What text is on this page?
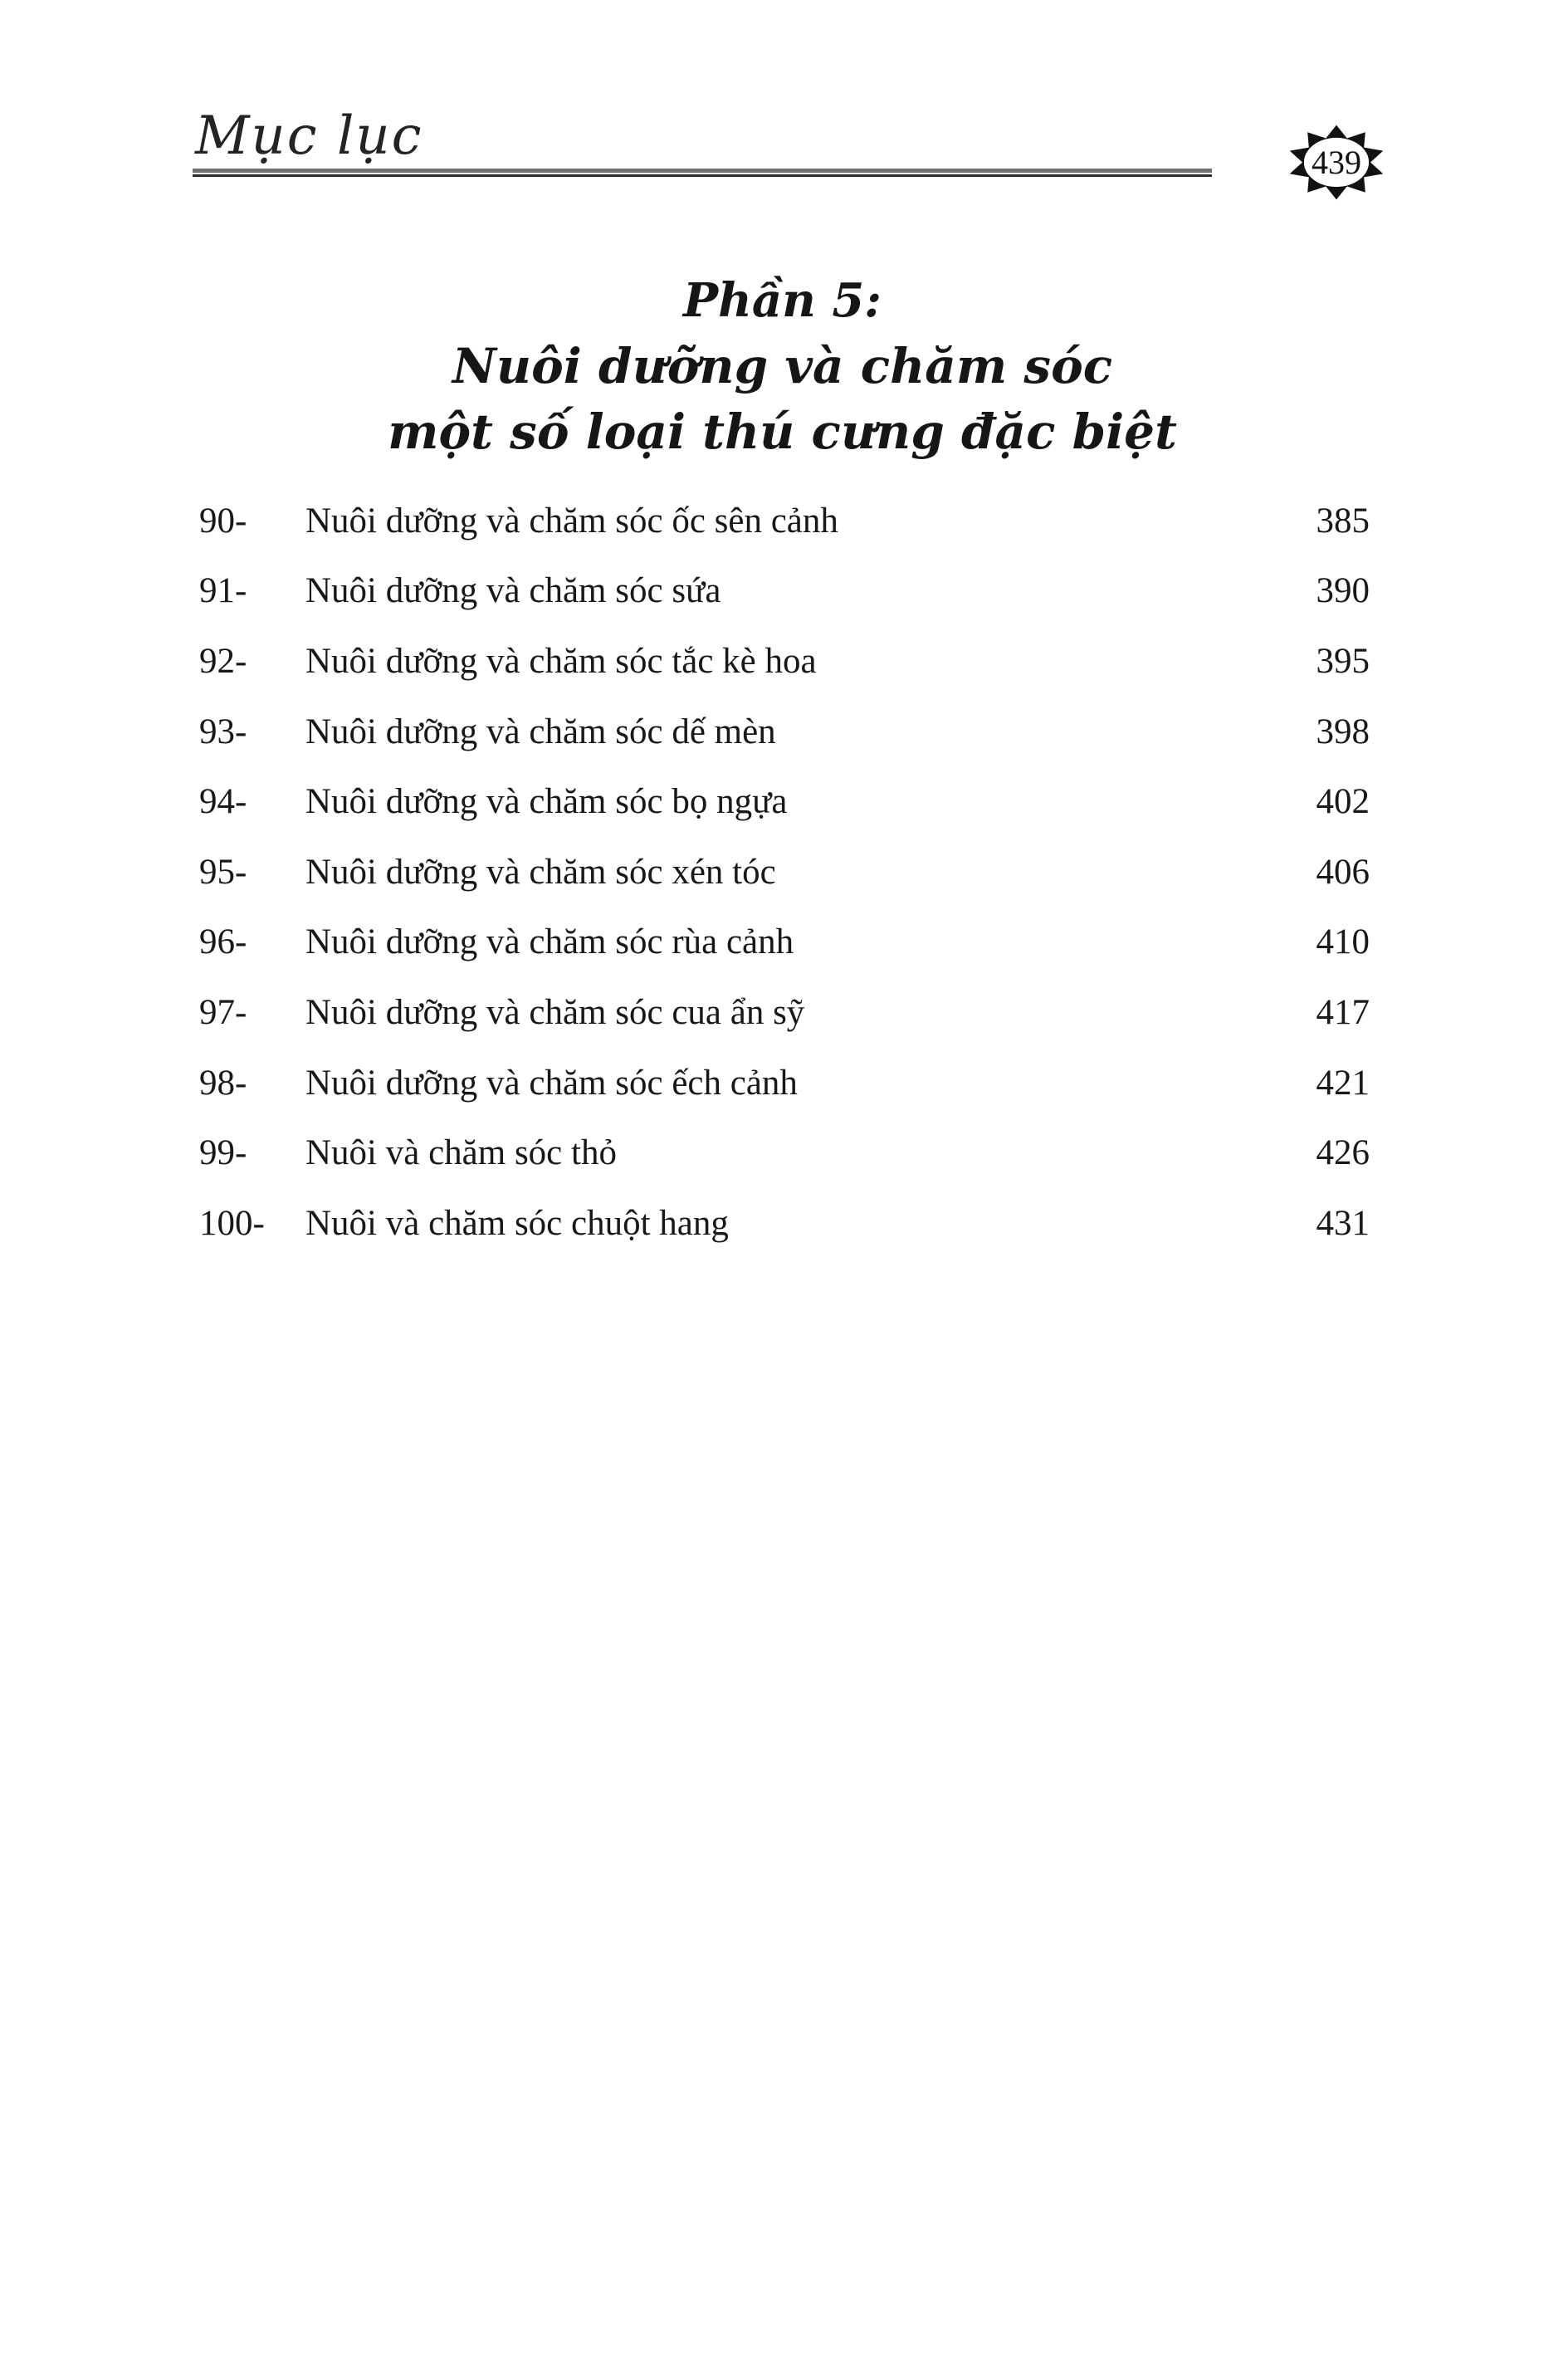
Mục lục	439
Phần 5:
Nuôi dưỡng và chăm sóc
một số loại thú cưng đặc biệt
90-	Nuôi dưỡng và chăm sóc ốc sên cảnh	385
91-	Nuôi dưỡng và chăm sóc sứa	390
92-	Nuôi dưỡng và chăm sóc tắc kè hoa	395
93-	Nuôi dưỡng và chăm sóc dế mèn	398
94-	Nuôi dưỡng và chăm sóc bọ ngựa	402
95-	Nuôi dưỡng và chăm sóc xén tóc	406
96-	Nuôi dưỡng và chăm sóc rùa cảnh	410
97-	Nuôi dưỡng và chăm sóc cua ẩn sỹ	417
98-	Nuôi dưỡng và chăm sóc ếch cảnh	421
99-	Nuôi và chăm sóc thỏ	426
100-	Nuôi và chăm sóc chuột hang	431
